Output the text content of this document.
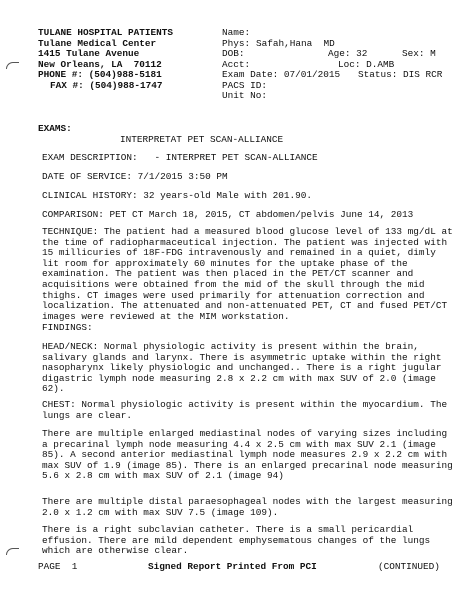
TULANE HOSPITAL PATIENTS
Tulane Medical Center
1415 Tulane Avenue
New Orleans, LA  70112
PHONE #: (504)988-5181
FAX #: (504)988-1747
Name:
Phys: Safah,Hana  MD
DOB:	Age: 32	Sex: M
Acct:	Loc: D.AMB
Exam Date: 07/01/2015 Status: DIS RCR
PACS ID:
Unit No:
EXAMS:
INTERPRETAT PET SCAN-ALLIANCE
EXAM DESCRIPTION:   - INTERPRET PET SCAN-ALLIANCE
DATE OF SERVICE: 7/1/2015 3:50 PM
CLINICAL HISTORY: 32 years-old Male with 201.90.
COMPARISON: PET CT March 18, 2015, CT abdomen/pelvis June 14, 2013
TECHNIQUE: The patient had a measured blood glucose level of 133 mg/dL at the time of radiopharmaceutical injection. The patient was injected with 15 millicuries of 18F-FDG intravenously and remained in a quiet, dimly lit room for approximately 60 minutes for the uptake phase of the examination. The patient was then placed in the PET/CT scanner and acquisitions were obtained from the mid of the skull through the mid thighs. CT images were used primarily for attenuation correction and localization. The attenuated and non-attenuated PET, CT and fused PET/CT images were reviewed at the MIM workstation.
FINDINGS:
HEAD/NECK: Normal physiologic activity is present within the brain, salivary glands and larynx. There is asymmetric uptake within the right nasopharynx likely physiologic and unchanged.. There is a right jugular digastric lymph node measuring 2.8 x 2.2 cm with max SUV of 2.0 (image 62).
CHEST: Normal physiologic activity is present within the myocardium. The lungs are clear.
There are multiple enlarged mediastinal nodes of varying sizes including a precarinal lymph node measuring 4.4 x 2.5 cm with max SUV 2.1 (image 85). A second anterior mediastinal lymph node measures 2.9 x 2.2 cm with max SUV of 1.9 (image 85). There is an enlarged precarinal node measuring 5.6 x 2.8 cm with max SUV of 2.1 (image 94)
There are multiple distal paraesophageal nodes with the largest measuring 2.0 x 1.2 cm with max SUV 7.5 (image 109).
There is a right subclavian catheter. There is a small pericardial effusion. There are mild dependent emphysematous changes of the lungs which are otherwise clear.
PAGE  1	Signed Report Printed From PCI	(CONTINUED)
